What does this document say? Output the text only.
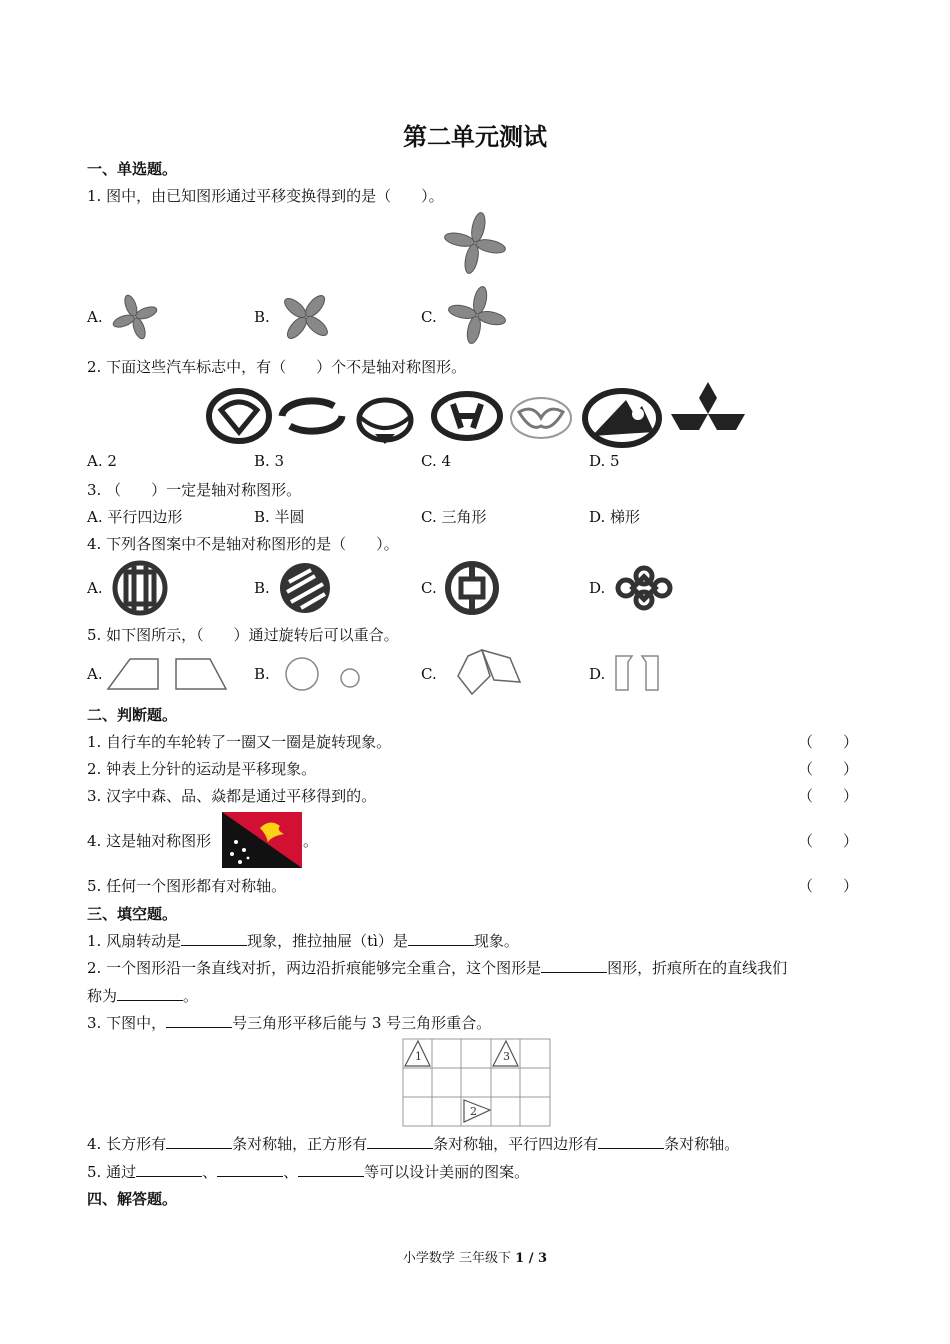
第二单元测试
一、单选题。
1. 图中，由已知图形通过平移变换得到的是（　　）。
A.	B.	C.
2. 下面这些汽车标志中，有（　　）个不是轴对称图形。
A. 2	B. 3	C. 4	D. 5
3. （　　）一定是轴对称图形。
A. 平行四边形	B. 半圆	C. 三角形	D. 梯形
4. 下列各图案中不是轴对称图形的是（　　）。
A.	B.	C.	D.
5. 如下图所示，（　　）通过旋转后可以重合。
A.	B.	C.	D.
二、判断题。
1. 自行车的车轮转了一圈又一圈是旋转现象。	（　　）
2. 钟表上分针的运动是平移现象。	（　　）
3. 汉字中森、品、焱都是通过平移得到的。	（　　）
4. 这是轴对称图形	。	（　　）
5. 任何一个图形都有对称轴。	（　　）
三、填空题。
1. 风扇转动是	现象，推拉抽屉（tì）是	现象。
2. 一个图形沿一条直线对折，两边沿折痕能够完全重合，这个图形是	图形，折痕所在的直线我们
称为	。
3. 下图中，	号三角形平移后能与 3 号三角形重合。
1
2
3
4. 长方形有	条对称轴，正方形有	条对称轴，平行四边形有	条对称轴。
5. 通过	、	、	等可以设计美丽的图案。
四、解答题。
小学数学 三年级下 1 / 3
